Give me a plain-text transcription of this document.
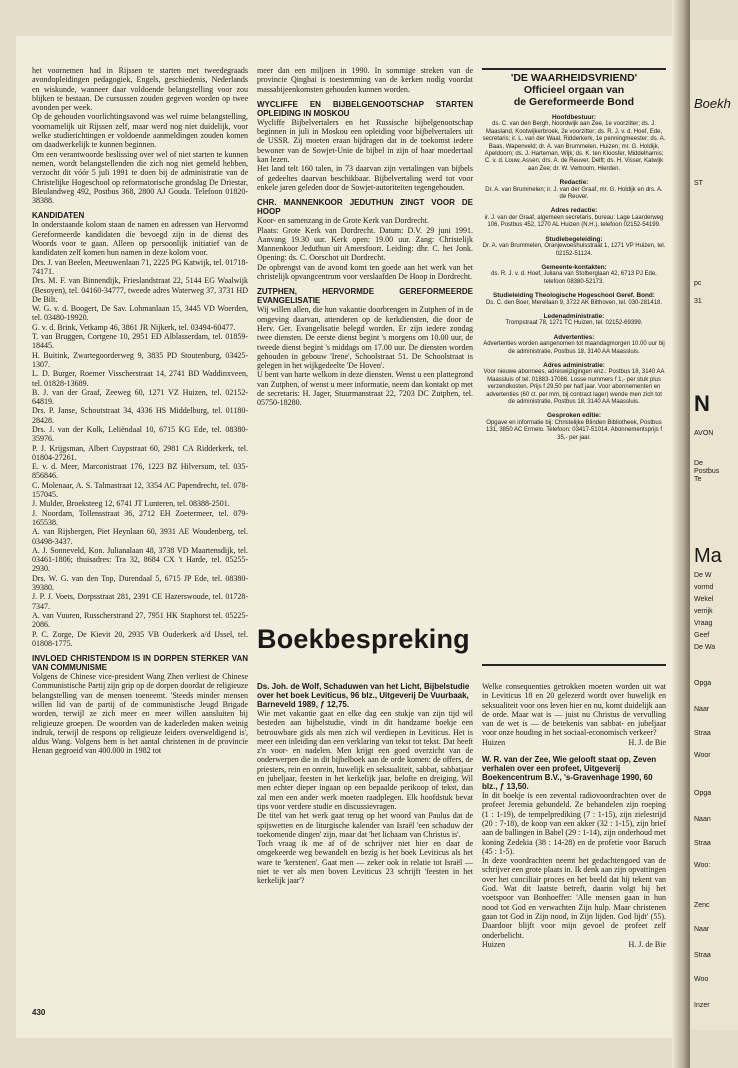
het voornemen had in Rijssen te starten met tweedegraads avondopleidingen pedagogiek, Engels, geschiedenis, Nederlands en wiskunde, wanneer daar voldoende belangstelling voor zou blijken te bestaan. De cursussen zouden gegeven worden op twee avonden per week.

Op de gehouden voorlichtingsavond was wel ruime belangstelling, voornamelijk uit Rijssen zelf, maar werd nog niet duidelijk, voor welke studierichtingen er voldoende aanmeldingen zouden komen om daadwerkelijk te kunnen beginnen.

Om een verantwoorde beslissing over wel of niet starten te kunnen nemen, wordt belangstellenden die zich nog niet gemeld hebben, verzocht dit vóór 5 juli 1991 te doen bij de administratie van de Christelijke Hogeschool op reformatorische grondslag De Driestar, Bleulandweg 492, Postbus 368, 2800 AJ Gouda. Telefoon 01820-38388.

KANDIDATEN

In onderstaande kolom staan de namen en adressen van Hervormd Gereformeerde kandidaten die bevoegd zijn in de dienst des Woords voor te gaan. Alleen op persoonlijk initiatief van de kandidaten zelf komen hun namen in deze kolom voor.

Drs. J. van Beelen, Meeuwenlaan 71, 2225 PG Katwijk, tel. 01718-74171.

Drs. M. F. van Binnendijk, Frieslandstraat 22, 5144 EG Waalwijk (Besoyen), tel. 04160-34777, tweede adres Waterweg 37, 3731 HD De Bilt.

W. G. v. d. Boogert, De Sav. Lohmanlaan 15, 3445 VD Woerden, tel. 03480-19920.

G. v. d. Brink, Vetkamp 46, 3861 JR Nijkerk, tel. 03494-60477.

T. van Bruggen, Cortgene 10, 2951 ED Alblasserdam, tel. 01859-18445.

H. Buitink, Zwartegoorderweg 9, 3835 PD Stoutenburg, 03425-1307.

L. D. Burger, Roemer Visscherstraat 14, 2741 BD Waddinxveen, tel. 01828-13689.

B. J. van der Graaf, Zeeweg 60, 1271 VZ Huizen, tel. 02152-64819.

Drs. P. Janse, Schoutstraat 34, 4336 HS Middelburg, tel. 01180-28428.

Drs. J. van der Kolk, Leliëndaal 10, 6715 KG Ede, tel. 08380-35976.

P. J. Krijgsman, Albert Cuypstraat 60, 2981 CA Ridderkerk, tel. 01804-27261.

E. v. d. Meer, Marconistraat 176, 1223 BZ Hilversum, tel. 035-856846.

C. Molenaar, A. S. Talmastraat 12, 3354 AC Papendrecht, tel. 078-157045.

J. Mulder, Broeksteeg 12, 6741 JT Lunteren, tel. 08388-2501.

J. Noordam, Tollensstraat 36, 2712 EH Zoetermeer, tel. 079-165538.

A. van Rijsbergen, Piet Heynlaan 60, 3931 AE Woudenberg, tel. 03498-3437.

A. J. Sonneveld, Kon. Julianalaan 48, 3738 VD Maartensdijk, tel. 03461-1806; thuisadres: Tra 32, 8684 CX 't Harde, tel. 05255-2930.

Drs. W. G. van den Top, Durendaal 5, 6715 JP Ede, tel. 08380-39380.

J. P. J. Voets, Dorpsstraat 281, 2391 CE Hazerswoude, tel. 01728-7347.

A. van Vuuren, Russcherstrand 27, 7951 HK Staphorst tel. 05225-2086.

P. C. Zorge, De Kievit 20, 2935 VB Ouderkerk a/d IJssel, tel. 01808-1775.

INVLOED CHRISTENDOM IS IN DORPEN STERKER VAN VAN COMMUNISME

Volgens de Chinese vice-president Wang Zhen verliest de Chinese Communistische Partij zijn grip op de dorpen doordat de religieuze belangstelling van de mensen toeneemt. 'Steeds minder mensen willen lid van de partij of de communistische Jeugd Brigade worden, terwijl ze zich meer en meer willen aansluiten bij religieuze groepen. De woorden van de kaderleden maken weinig indruk, terwijl de respons op religieuze leiders overweldigend is', aldus Wang. Volgens hem is het aantal christenen in de provincie Henan gegroeid van 400.000 in 1982 tot

meer dan een miljoen in 1990. In sommige streken van de provincie Qinghai is toestemming van de kerken nodig voordat massabijeenkomsten gehouden kunnen worden.

WYCLIFFE EN BIJBELGENOOTSCHAP STARTEN OPLEIDING IN MOSKOU

Wycliffe Bijbelvertalers en het Russische bijbelgenootschap beginnen in juli in Moskou een opleiding voor bijbelvertalers uit de USSR. Zij moeten eraan bijdragen dat in de toekomst iedere bewoner van de Sowjet-Unie de bijbel in zijn of haar moedertaal kan lezen.

Het land telt 160 talen, in 73 daarvan zijn vertalingen van bijbels of gedeeltes daarvan beschikbaar. Bijbelvertaling werd tot voor enkele jaren geleden door de Sowjet-autoriteiten tegengehouden.

CHR. MANNENKOOR JEDUTHUN ZINGT VOOR DE HOOP

Koor- en samenzang in de Grote Kerk van Dordrecht.

Plaats: Grote Kerk van Dordrecht. Datum: D.V. 29 juni 1991. Aanvang 19.30 uur. Kerk open: 19.00 uur. Zang: Christelijk Mannenkoor Jeduthun uit Amersfoort. Leiding: dhr. C. het Jonk. Opening: ds. C. Oorschot uit Dordrecht.

De opbrengst van de avond komt ten goede aan het werk van het christelijk opvangcentrum voor verslaafden De Hoop in Dordrecht.

ZUTPHEN, HERVORMDE GEREFORMEERDE EVANGELISATIE

Wij willen allen, die hun vakantie doorbrengen in Zutphen of in de omgeving daarvan, attenderen op de kerkdiensten, die door de Herv. Ger. Evangelisatie belegd worden. Er zijn iedere zondag twee diensten. De eerste dienst begint 's morgens om 10.00 uur, de tweede dienst begint 's middags om 17.00 uur. De diensten worden gehouden in gebouw 'Irene', Schoolstraat 51. De Schoolstraat is gelegen in het wijkgedeelte 'De Hoven'.

U bent van harte welkom in deze diensten. Wenst u een plattegrond van Zutphen, of wenst u meer informatie, neem dan kontakt op met de secretaris: H. Jager, Stuurmanstraat 22, 7203 DC Zutphen, tel. 05750-18280.

'DE WAARHEIDSVRIEND'

Officieel orgaan van

de Gereformeerde Bond

Hoofdbestuur:
ds. C. van den Bergh, Noordwijk aan Zee, 1e voorzitter; ds. J. Maasland, Kootwijkerbroek, 2e voorzitter; ds. R. J. v. d. Hoef, Ede, secretaris; ir. L. van der Waal, Ridderkerk, 1e penningmeester; ds. A. Baas, Wapenveld; dr. A. van Brummelen, Huizen; mr. G. Holdijk, Apeldoorn; ds. J. Harteman, Wijk; ds. K. ten Kloosfer, Middelharnis; C. v. d. Louw, Assen; drs. A. de Reuver, Delft; ds. H. Visser, Katwijk aan Zee; dr. W. Verboom, Hierden.
Redactie:
Dr. A. van Brummelen; ir. J. van der Graaf, mr. G. Holdijk en drs. A. de Reuver.
Adres redactie:
ir. J. van der Graaf, algemeen secretaris, bureau: Lage Laarderweg 106, Postbus 452, 1270 AL Huizen (N.H.), telefoon 02152-54199.
Studiebegeleiding:
Dr. A. van Brummelen, Oranjewoeshuisstraat 1, 1271 VP Huizen, tel. 02152-51124.
Gemeente-kontakten:
ds. R. J. v. d. Hoef, Juliana van Stolberglaan 42, 6713 PJ Ede, telefoon 08380-52173.
Studieleiding Theologische Hogeschool Geref. Bond:
Ds. C. den Boer, Merellaan 9, 3722 AK Bilthoven, tel. 030-281418.
Ledenadministratie:
Trompstraat 78, 1271 TC Huizen, tel. 02152-69399.
Advertenties:
Advertenties worden aangenomen tot maandagmorgen 10.00 uur bij de administratie, Postbus 18, 3140 AA Maassluis.
Adres administratie:
Voor nieuwe abonnees, adreswijzigingen enz.: Postbus 18, 3140 AA Maassluis of tel. 01883-17086. Losse nummers f 1,- per stuk plus verzendkosten. Prijs f 29,50 per half jaar. Voor abonnementen en advertenties (60 ct. per mm, bij contract lager) wende men zich tot de administratie, Postbus 18, 3140 AA Maassluis.
Gesproken editie:
Opgave en informatie bij: Christelijke Blinden Bibliotheek, Postbus 131, 3850 AC Ermelo. Telefoon: 03417-51014. Abonnementsprijs f 35,- per jaar.
Boekbespreking

Ds. Joh. de Wolf, Schaduwen van het Licht, Bijbelstudie over het boek Leviticus, 96 blz., Uitgeverij De Vuurbaak, Barneveld 1989, ƒ 12,75.

Wie met vakantie gaat en elke dag een stukje van zijn tijd wil besteden aan bijbelstudie, vindt in dit handzame boekje een betrouwbare gids als men zich wil verdiepen in Leviticus. Het is meer een inleiding dan een verklaring van tekst tot tekst. Dat heeft z'n voor- en nadelen. Men krijgt een goed overzicht van de onderwerpen die in dit bijbelboek aan de orde komen: de offers, de priesters, rein en onrein, huwelijk en seksualiteit, sabbat, sabbatjaar en jubeljaar, feesten in het kerkelijk jaar, belofte en dreiging. Wil men echter dieper ingaan op een bepaalde perikoop of tekst, dan zal men een ander werk moeten raadplegen. Elk hoofdstuk bevat tips voor verdere studie en discussievragen.

De titel van het werk gaat terug op het woord van Paulus dat de spijswetten en de liturgische kalender van Israël 'een schaduw der toekomende dingen' zijn, maar dat 'het lichaam van Christus is'.

Toch vraag ik me af of de schrijver niet hier en daar de omgekeerde weg bewandelt en bezig is het boek Leviticus als het ware te 'kerstenen'. Gaat men — zeker ook in relatie tot Israël — niet te ver als men boven Leviticus 23 schrijft 'feesten in het kerkelijk jaar'?

Welke consequenties getrokken moeten worden uit wat in Leviticus 18 en 20 gelezerd wordt over huwelijk en seksualiteit voor ons leven hier en nu, komt duidelijk aan de orde. Maar wat is — juist nu Christus de vervulling van de wet is — de betekenis van sabbat- en jubeljaar voor onze houding in het sociaal-economisch verkeer?

Huizen	H. J. de Bie

W. R. van der Zee, Wie gelooft staat op, Zeven verhalen over een profeet, Uitgeverij Boekencentrum B.V., 's-Gravenhage 1990, 60 blz., ƒ 13,50.

In dit boekje is een zevental radiovoordrachten over de profeet Jeremia gebundeld. Ze behandelen zijn roeping (1 : 1-19), de tempelprediking (7 : 1-15), zijn zielestrijd (20 : 7-18), de koop van een akker (32 : 1-15), zijn brief aan de ballingen in Babel (29 : 1-14), zijn onderhoud met koning Zedekia (38 : 14-28) en de profetie voor Baruch (45 : 1-5).

In deze voordrachten neemt het gedachtengoed van de schrijver een grote plaats in. Ik denk aan zijn opvattingen over het conciliair proces en het beeld dat hij tekent van God. Wat dit laatste betreft, daarin volgt hij het voetspoor van Bonhoeffer: 'Alle mensen gaan in hun nood tot God en verwachten Zijn hulp. Maar christenen gaan tot God in Zijn nood, in Zijn lijden. God lijdt' (55). Daardoor blijft voor mijn gevoel de profeet zelf onderbelicht.

Huizen	H. J. de Bie
430
Boekh
ST
pc
31
N
AVON
De
Postbus
Te
Ma
De W
vormd
Wekel
verrijk
Vraag
Geef
De Wa
Opga
Naar
Straa
Woor
Opga
Naan
Straa
Woo:
Zenc
Naar
Straa
Woo
Inzer
